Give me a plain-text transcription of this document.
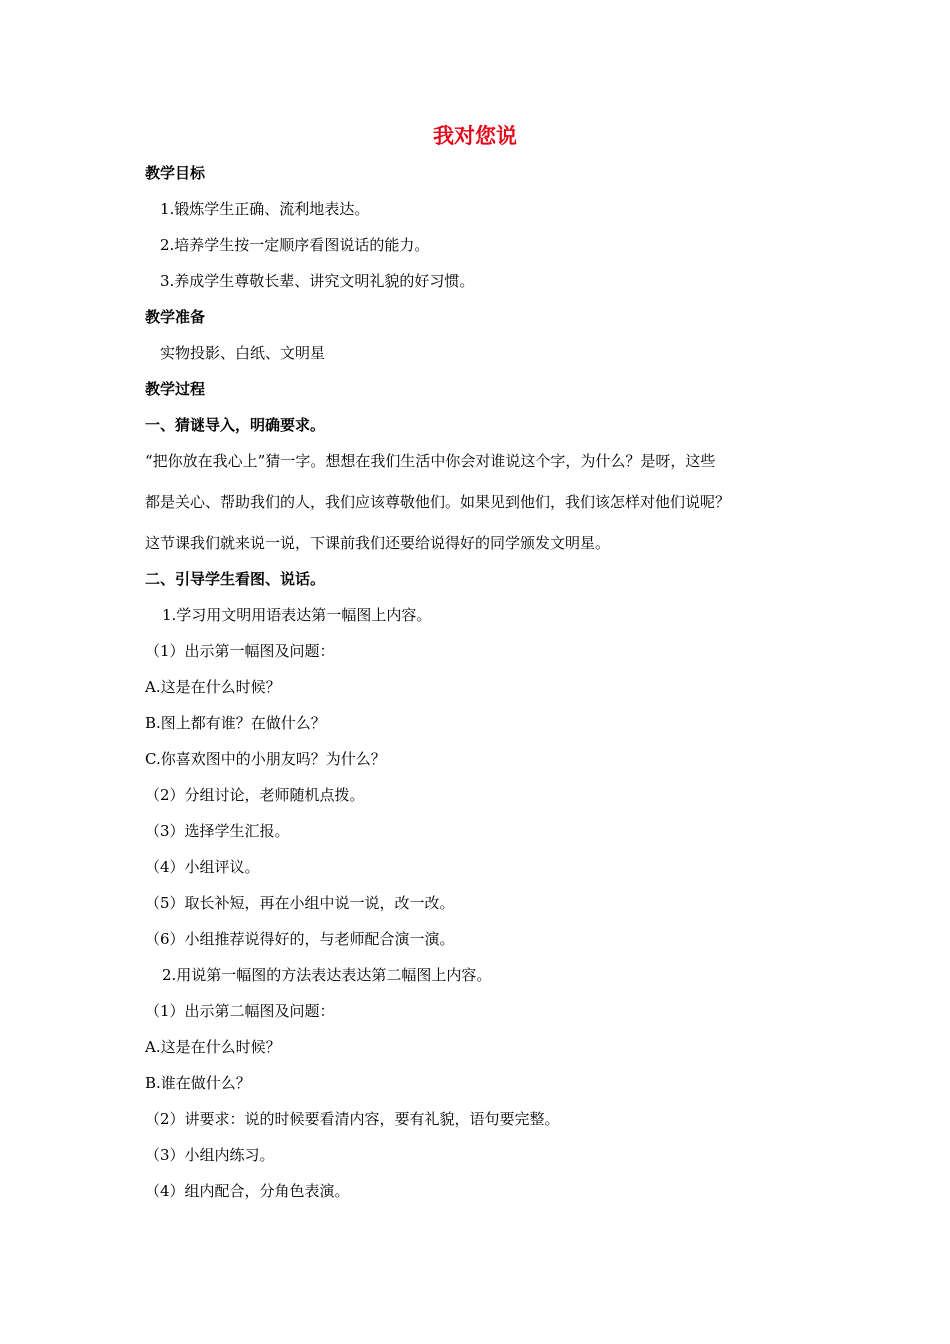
我对您说
教学目标
1.锻炼学生正确、流利地表达。
2.培养学生按一定顺序看图说话的能力。
3.养成学生尊敬长辈、讲究文明礼貌的好习惯。
教学准备
实物投影、白纸、文明星
教学过程
一、猜谜导入，明确要求。
“把你放在我心上”猜一字。想想在我们生活中你会对谁说这个字，为什么？是呀，这些
都是关心、帮助我们的人，我们应该尊敬他们。如果见到他们，我们该怎样对他们说呢？
这节课我们就来说一说，下课前我们还要给说得好的同学颁发文明星。
二、引导学生看图、说话。
1.学习用文明用语表达第一幅图上内容。
（1）出示第一幅图及问题：
A.这是在什么时候？
B.图上都有谁？在做什么？
C.你喜欢图中的小朋友吗？为什么？
（2）分组讨论，老师随机点拨。
（3）选择学生汇报。
（4）小组评议。
（5）取长补短，再在小组中说一说，改一改。
（6）小组推荐说得好的，与老师配合演一演。
2.用说第一幅图的方法表达表达第二幅图上内容。
（1）出示第二幅图及问题：
A.这是在什么时候？
B.谁在做什么？
（2）讲要求：说的时候要看清内容，要有礼貌，语句要完整。
（3）小组内练习。
（4）组内配合，分角色表演。
